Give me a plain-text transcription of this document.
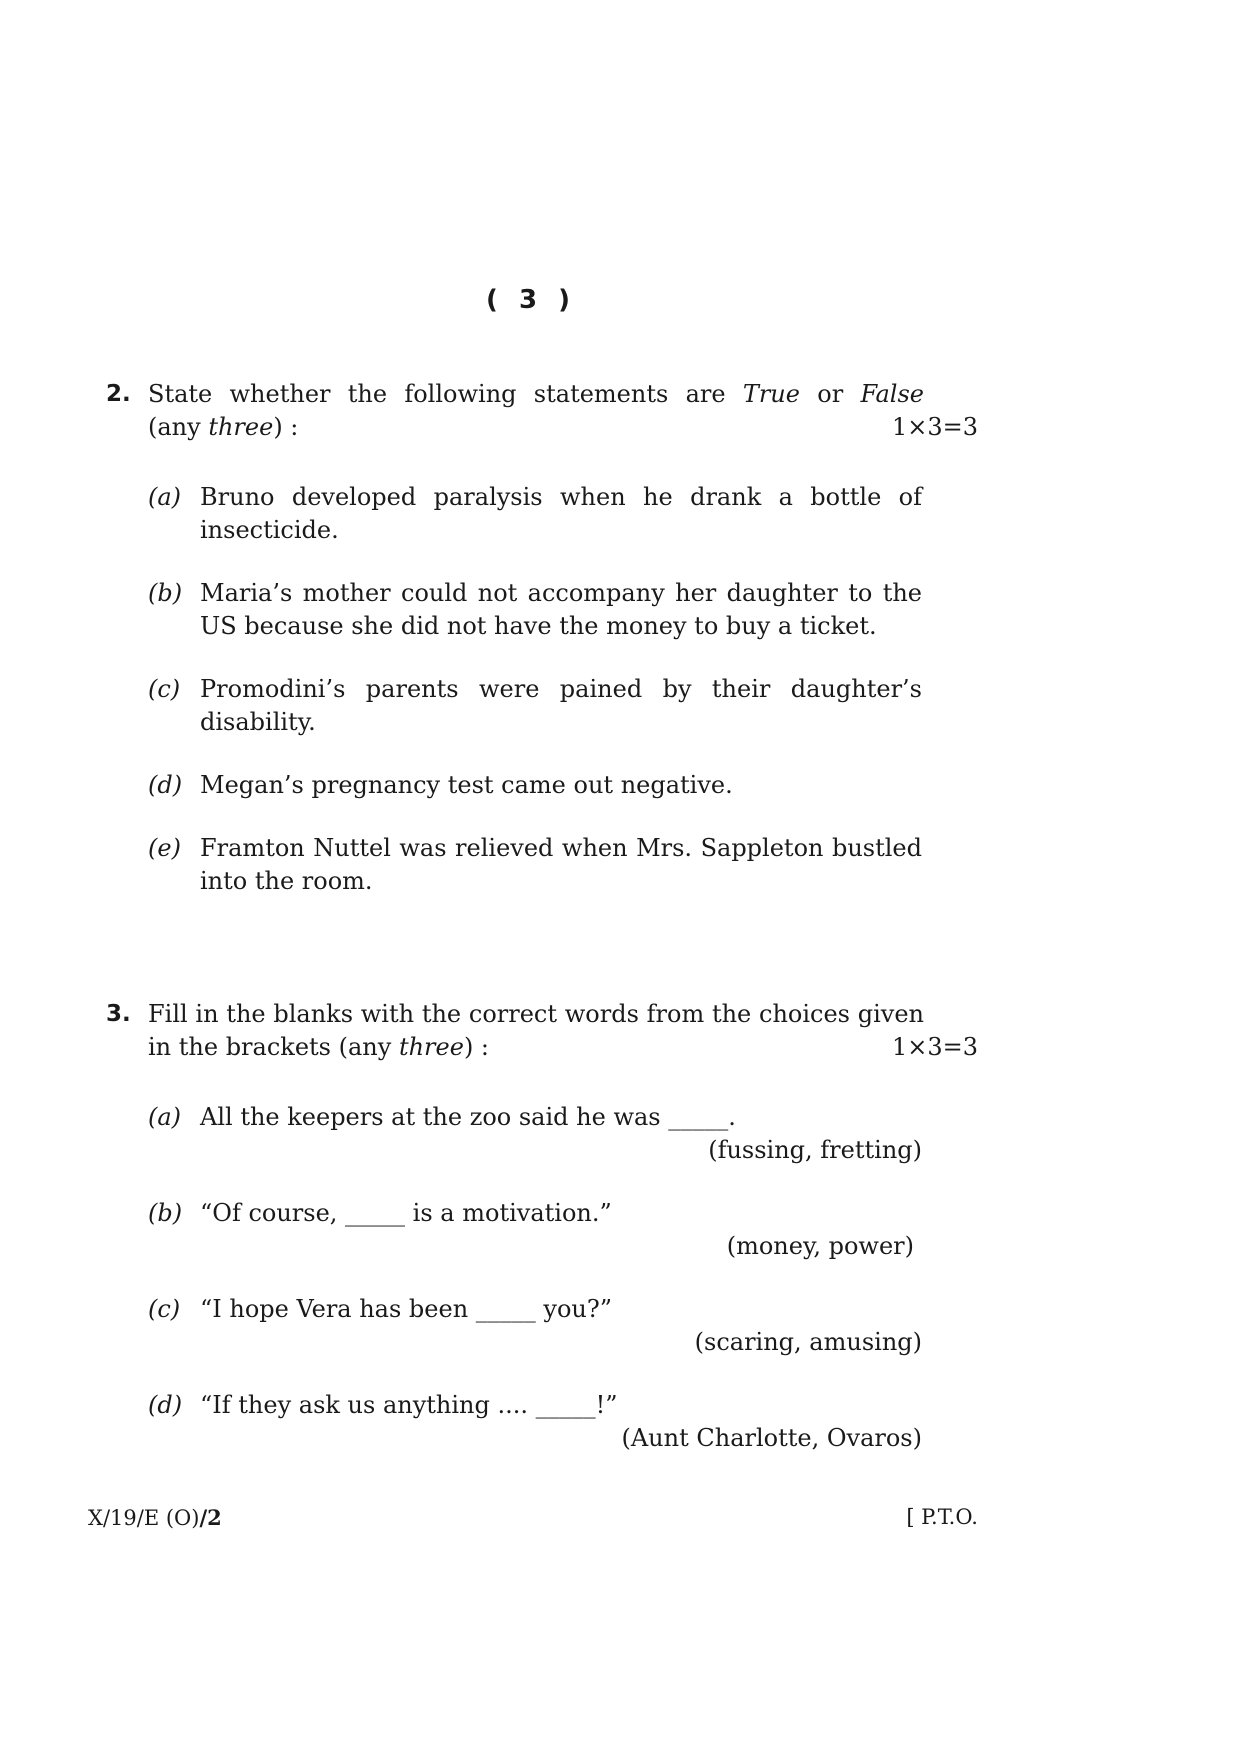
( 3 )
2. State whether the following statements are True or False
(any three) :	1×3=3
(a) Bruno developed paralysis when he drank a bottle of insecticide.
(b) Maria’s mother could not accompany her daughter to the US because she did not have the money to buy a ticket.
(c) Promodini’s parents were pained by their daughter’s disability.
(d) Megan’s pregnancy test came out negative.
(e) Framton Nuttel was relieved when Mrs. Sappleton bustled into the room.
3. Fill in the blanks with the correct words from the choices given
in the brackets (any three) :	1×3=3
(a) All the keepers at the zoo said he was _____.
(fussing, fretting)
(b) “Of course, _____ is a motivation.”
(money, power)
(c) “I hope Vera has been _____ you?”
(scaring, amusing)
(d) “If they ask us anything .... _____!”
(Aunt Charlotte, Ovaros)
X/19/E (O)/2	[ P.T.O.
